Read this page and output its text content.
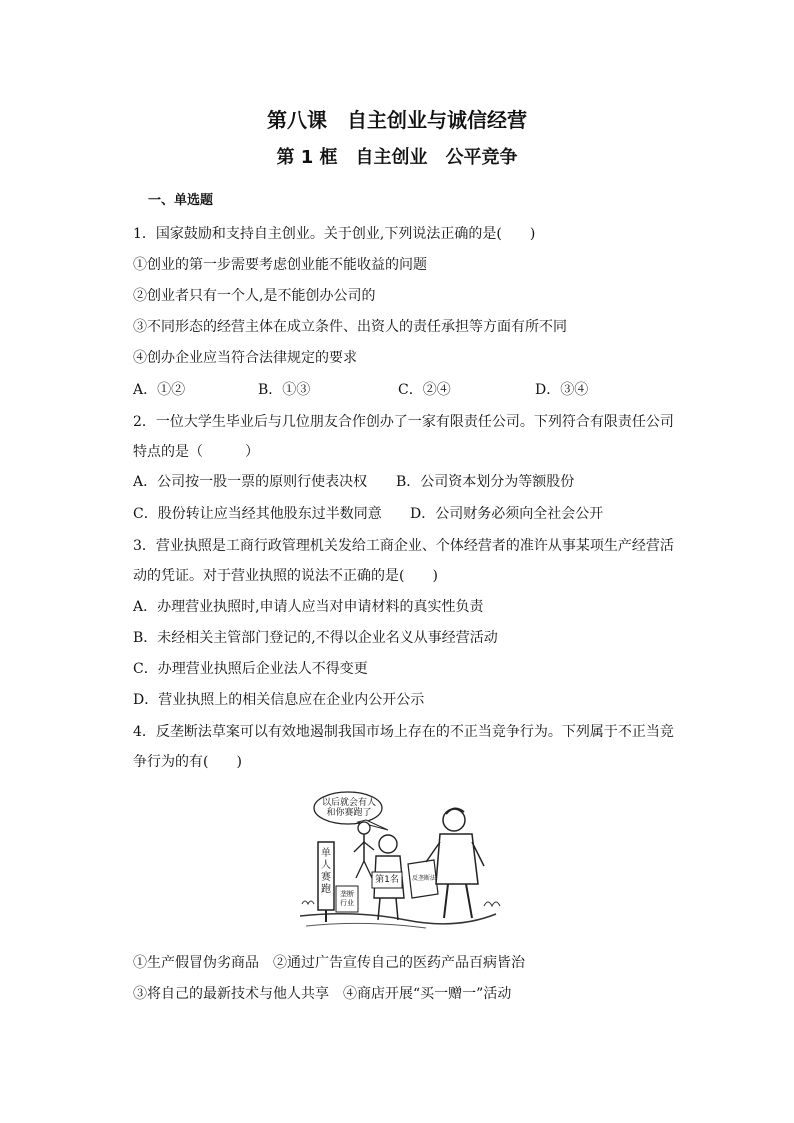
第八课　自主创业与诚信经营
第 1 框　自主创业　公平竞争
一、单选题
1．国家鼓励和支持自主创业。关于创业,下列说法正确的是(　　)
①创业的第一步需要考虑创业能不能收益的问题
②创业者只有一个人,是不能创办公司的
③不同形态的经营主体在成立条件、出资人的责任承担等方面有所不同
④创办企业应当符合法律规定的要求
A．①②	B．①③	C．②④	D．③④
2．一位大学生毕业后与几位朋友合作创办了一家有限责任公司。下列符合有限责任公司
特点的是（　　　）
A．公司按一股一票的原则行使表决权 B．公司资本划分为等额股份
C．股份转让应当经其他股东过半数同意 D．公司财务必须向全社会公开
3．营业执照是工商行政管理机关发给工商企业、个体经营者的准许从事某项生产经营活
动的凭证。对于营业执照的说法不正确的是(　　)
A．办理营业执照时,申请人应当对申请材料的真实性负责
B．未经相关主管部门登记的,不得以企业名义从事经营活动
C．办理营业执照后企业法人不得变更
D．营业执照上的相关信息应在企业内公开公示
4．反垄断法草案可以有效地遏制我国市场上存在的不正当竞争行为。下列属于不正当竞
争行为的有(　　)
以后就会有人
和你赛跑了
单
人
赛
跑	垄断
行业
第1名 反垄断法
①生产假冒伪劣商品　②通过广告宣传自己的医药产品百病皆治
③将自己的最新技术与他人共享　④商店开展“买一赠一”活动
